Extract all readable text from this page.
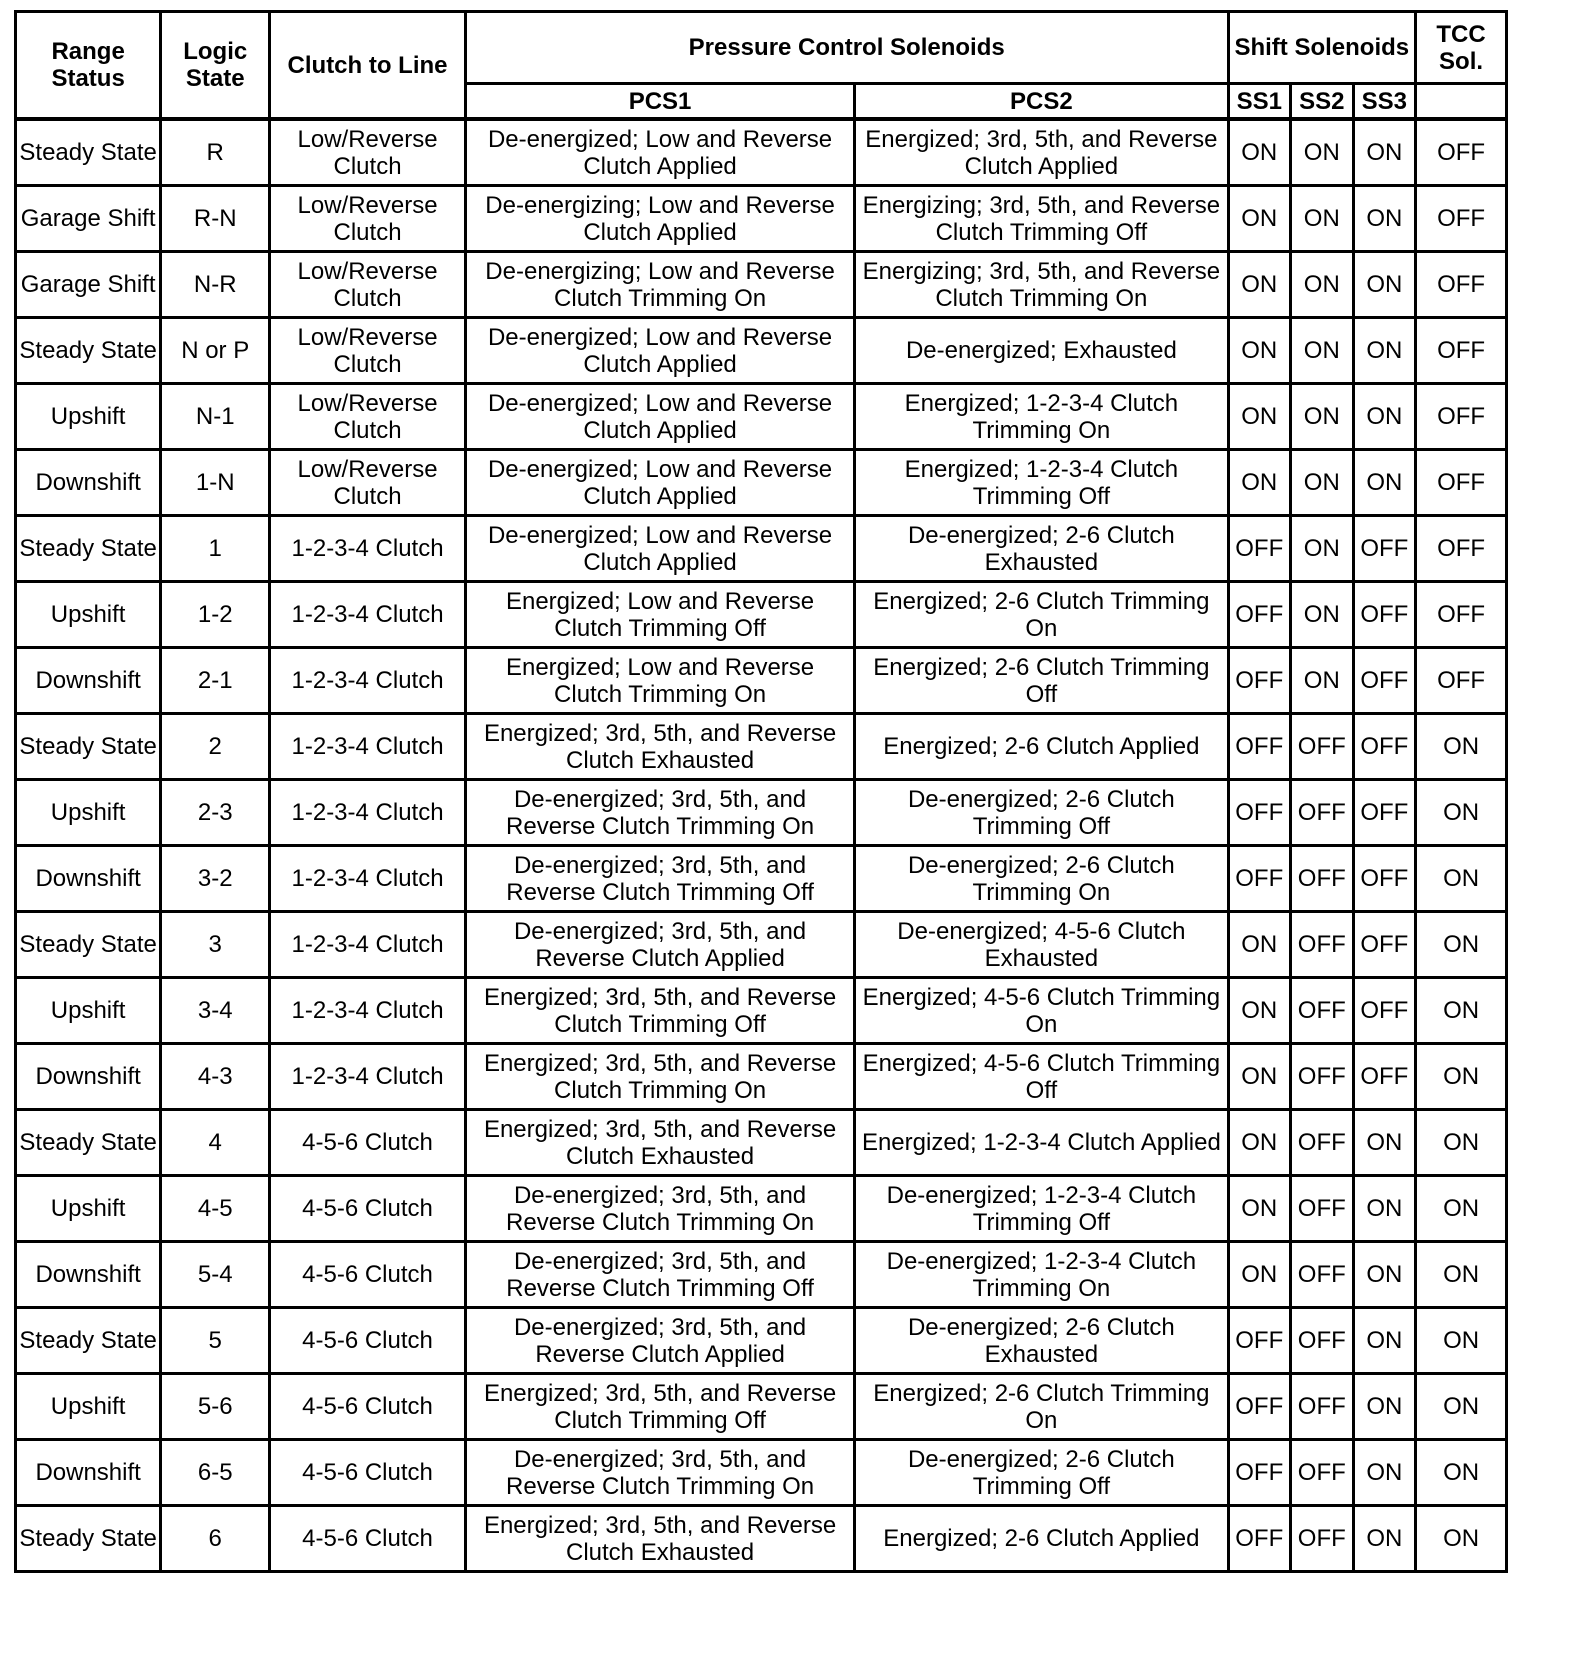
Range Status	Logic State	Clutch to Line	Pressure Control Solenoids		Shift Solenoids			TCC Sol.
			PCS1	PCS2	SS1	SS2	SS3	
Steady State	R	Low/Reverse Clutch	De-energized; Low and Reverse Clutch Applied	Energized; 3rd, 5th, and Reverse Clutch Applied	ON	ON	ON	OFF
Garage Shift	R-N	Low/Reverse Clutch	De-energizing; Low and Reverse Clutch Applied	Energizing; 3rd, 5th, and Reverse Clutch Trimming Off	ON	ON	ON	OFF
Garage Shift	N-R	Low/Reverse Clutch	De-energizing; Low and Reverse Clutch Trimming On	Energizing; 3rd, 5th, and Reverse Clutch Trimming On	ON	ON	ON	OFF
Steady State	N or P	Low/Reverse Clutch	De-energized; Low and Reverse Clutch Applied	De-energized; Exhausted	ON	ON	ON	OFF
Upshift	N-1	Low/Reverse Clutch	De-energized; Low and Reverse Clutch Applied	Energized; 1-2-3-4 Clutch Trimming On	ON	ON	ON	OFF
Downshift	1-N	Low/Reverse Clutch	De-energized; Low and Reverse Clutch Applied	Energized; 1-2-3-4 Clutch Trimming Off	ON	ON	ON	OFF
Steady State	1	1-2-3-4 Clutch	De-energized; Low and Reverse Clutch Applied	De-energized; 2-6 Clutch Exhausted	OFF	ON	OFF	OFF
Upshift	1-2	1-2-3-4 Clutch	Energized; Low and Reverse Clutch Trimming Off	Energized; 2-6 Clutch Trimming On	OFF	ON	OFF	OFF
Downshift	2-1	1-2-3-4 Clutch	Energized; Low and Reverse Clutch Trimming On	Energized; 2-6 Clutch Trimming Off	OFF	ON	OFF	OFF
Steady State	2	1-2-3-4 Clutch	Energized; 3rd, 5th, and Reverse Clutch Exhausted	Energized; 2-6 Clutch Applied	OFF	OFF	OFF	ON
Upshift	2-3	1-2-3-4 Clutch	De-energized; 3rd, 5th, and Reverse Clutch Trimming On	De-energized; 2-6 Clutch Trimming Off	OFF	OFF	OFF	ON
Downshift	3-2	1-2-3-4 Clutch	De-energized; 3rd, 5th, and Reverse Clutch Trimming Off	De-energized; 2-6 Clutch Trimming On	OFF	OFF	OFF	ON
Steady State	3	1-2-3-4 Clutch	De-energized; 3rd, 5th, and Reverse Clutch Applied	De-energized; 4-5-6 Clutch Exhausted	ON	OFF	OFF	ON
Upshift	3-4	1-2-3-4 Clutch	Energized; 3rd, 5th, and Reverse Clutch Trimming Off	Energized; 4-5-6 Clutch Trimming On	ON	OFF	OFF	ON
Downshift	4-3	1-2-3-4 Clutch	Energized; 3rd, 5th, and Reverse Clutch Trimming On	Energized; 4-5-6 Clutch Trimming Off	ON	OFF	OFF	ON
Steady State	4	4-5-6 Clutch	Energized; 3rd, 5th, and Reverse Clutch Exhausted	Energized; 1-2-3-4 Clutch Applied	ON	OFF	ON	ON
Upshift	4-5	4-5-6 Clutch	De-energized; 3rd, 5th, and Reverse Clutch Trimming On	De-energized; 1-2-3-4 Clutch Trimming Off	ON	OFF	ON	ON
Downshift	5-4	4-5-6 Clutch	De-energized; 3rd, 5th, and Reverse Clutch Trimming Off	De-energized; 1-2-3-4 Clutch Trimming On	ON	OFF	ON	ON
Steady State	5	4-5-6 Clutch	De-energized; 3rd, 5th, and Reverse Clutch Applied	De-energized; 2-6 Clutch Exhausted	OFF	OFF	ON	ON
Upshift	5-6	4-5-6 Clutch	Energized; 3rd, 5th, and Reverse Clutch Trimming Off	Energized; 2-6 Clutch Trimming On	OFF	OFF	ON	ON
Downshift	6-5	4-5-6 Clutch	De-energized; 3rd, 5th, and Reverse Clutch Trimming On	De-energized; 2-6 Clutch Trimming Off	OFF	OFF	ON	ON
Steady State	6	4-5-6 Clutch	Energized; 3rd, 5th, and Reverse Clutch Exhausted	Energized; 2-6 Clutch Applied	OFF	OFF	ON	ON
